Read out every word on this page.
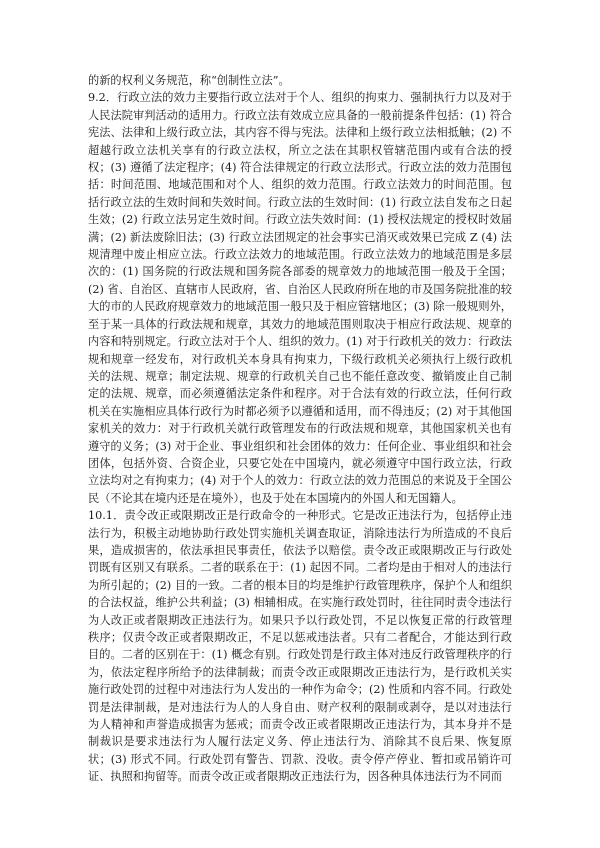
的新的权利义务规范，称“创制性立法”。

9.2．行政立法的效力主要指行政立法对于个人、组织的拘束力、强制执行力以及对于人民法院审判活动的适用力。行政立法有效成立应具备的一般前提条件包括：(1) 符合宪法、法律和上级行政立法，其内容不得与宪法。法律和上级行政立法相抵触；(2) 不超越行政立法机关享有的行政立法权，所立之法在其职权管辖范围内或有合法的授权；(3) 遵循了法定程序；(4) 符合法律规定的行政立法形式。行政立法的效力范围包括：时间范围、地域范围和对个人、组织的效力范围。行政立法效力的时间范围。包括行政立法的生效时间和失效时间。行政立法的生效时间：(1) 行政立法自发布之日起生效；(2) 行政立法另定生效时间。行政立法失效时间：(1) 授权法规定的授权时效届满；(2) 新法废除旧法；(3) 行政立法团规定的社会事实已消灭或效果已完成 Z (4) 法规清理中废止相应立法。行政立法效力的地域范围。行政立法效力的地域范围是多层次的：(1) 国务院的行政法规和国务院各部委的规章效力的地域范围一般及于全国；(2) 省、自治区、直辖市人民政府，省、自治区人民政府所在地的市及国务院批准的较大的市的人民政府规章效力的地域范围一般只及于相应管辖地区；(3) 除一般规则外，至于某一具体的行政法规和规章，其效力的地域范围则取决于相应行政法规、规章的内容和特别规定。行政立法对于个人、组织的效力。(1) 对于行政机关的效力：行政法规和规章一经发布，对行政机关本身具有拘束力，下级行政机关必须执行上级行政机关的法规、规章；制定法规、规章的行政机关自己也不能任意改变、撤销废止自己制定的法规、规章，而必须遵循法定条件和程序。对于合法有效的行政立法，任何行政机关在实施相应具体行政行为时都必须予以遵循和适用，而不得违反；(2) 对于其他国家机关的效力：对于行政机关就行政管理发布的行政法规和规章，其他国家机关也有遵守的义务；(3) 对于企业、事业组织和社会团体的效力：任何企业、事业组织和社会团体，包括外资、合资企业，只要它处在中国境内，就必须遵守中国行政立法，行政立法均对之有拘束力；(4) 对于个人的效力：行政立法的效力范围总的来说及于全国公民（不论其在境内还是在境外），也及于处在本国境内的外国人和无国籍人。

10.1．责令改正或限期改正是行政命令的一种形式。它是改正违法行为，包括停止违法行为，积极主动地协助行政处罚实施机关调查取证，消除违法行为所造成的不良后果，造成损害的，依法承担民事责任，依法予以赔偿。责令改正或限期改正与行政处罚既有区别又有联系。二者的联系在于：(1) 起因不同。二者均是由于相对人的违法行为所引起的；(2) 目的一致。二者的根本目的均是维护行政管理秩序，保护个人和组织的合法权益，维护公共利益；(3) 相辅相成。在实施行政处罚时，往往同时责令违法行为人改正或者限期改正违法行为。如果只予以行政处罚，不足以恢复正常的行政管理秩序；仅责令改正或者限期改正，不足以惩戒违法者。只有二者配合，才能达到行政目的。二者的区别在于：(1) 概念有别。行政处罚是行政主体对违反行政管理秩序的行为，依法定程序所给予的法律制裁；而责令改正或限期改正违法行为，是行政机关实施行政处罚的过程中对违法行为人发出的一种作为命令；(2) 性质和内容不同。行政处罚是法律制裁，是对违法行为人的人身自由、财产权利的限制或剥夺，是以对违法行为人精神和声誉造成损害为惩戒；而责令改正或者限期改正违法行为，其本身并不是制裁识是要求违法行为人履行法定义务、停止违法行为、消除其不良后果、恢复原状；(3) 形式不同。行政处罚有警告、罚款、没收。责令停产停业、暂扣或吊销许可证、执照和拘留等。而责令改正或者限期改正违法行为，因各种具体违法行为不同而
